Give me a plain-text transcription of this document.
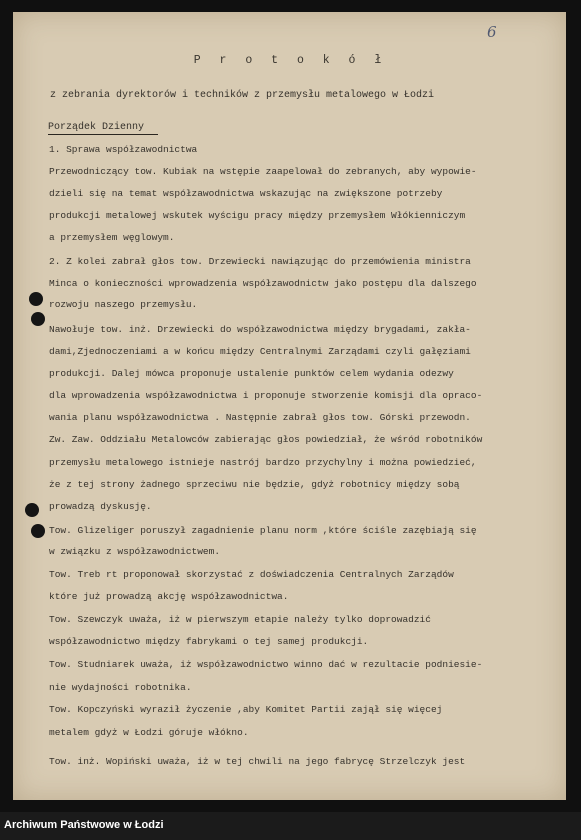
6
P r o t o k ó ł
z zebrania dyrektorów i techników z przemysłu metalowego w Łodzi
Porządek Dzienny
1. Sprawa współzawodnictwa
Przewodniczący tow. Kubiak na wstępie zaapelował do zebranych, aby wypowie-
dzieli się na temat współzawodnictwa wskazując na zwiększone potrzeby
produkcji metalowej wskutek wyścigu pracy między przemysłem Włókienniczym
a przemysłem węglowym.
2. Z kolei zabrał głos tow. Drzewiecki nawiązując do przemówienia ministra
Minca o konieczności wprowadzenia współzawodnictw jako postępu dla dalszego
rozwoju naszego przemysłu.
Nawołuje tow. inż. Drzewiecki do współzawodnictwa między brygadami, zakła-
dami,Zjednoczeniami a w końcu między Centralnymi Zarządami czyli gałęziami
produkcji. Dalej mówca proponuje ustalenie punktów celem wydania odezwy
dla wprowadzenia współzawodnictwa i proponuje stworzenie komisji dla opraco-
wania planu współzawodnictwa . Następnie zabrał głos tow. Górski przewodn.
Zw. Zaw. Oddziału Metalowców zabierając głos powiedział, że wśród robotników
przemysłu metalowego istnieje nastrój bardzo przychylny i można powiedzieć,
że z tej strony żadnego sprzeciwu nie będzie, gdyż robotnicy między sobą
prowadzą dyskusję.
Tow. Glizeliger poruszył zagadnienie planu norm ,które ściśle zazębiają się
w związku z współzawodnictwem.
Tow. Treb rt proponował skorzystać z doświadczenia Centralnych Zarządów
które już prowadzą akcję współzawodnictwa.
Tow. Szewczyk uważa, iż w pierwszym etapie należy tylko doprowadzić
współzawodnictwo między fabrykami o tej samej produkcji.
Tow. Studniarek uważa, iż współzawodnictwo winno dać w rezultacie podniesie-
nie wydajności robotnika.
Tow. Kopczyński wyraził życzenie ,aby Komitet Partii zajął się więcej
metalem gdyż w Łodzi góruje włókno.
Tow. inż. Wopiński uważa, iż w tej chwili na jego fabrycę Strzelczyk jest
Archiwum Państwowe w Łodzi
